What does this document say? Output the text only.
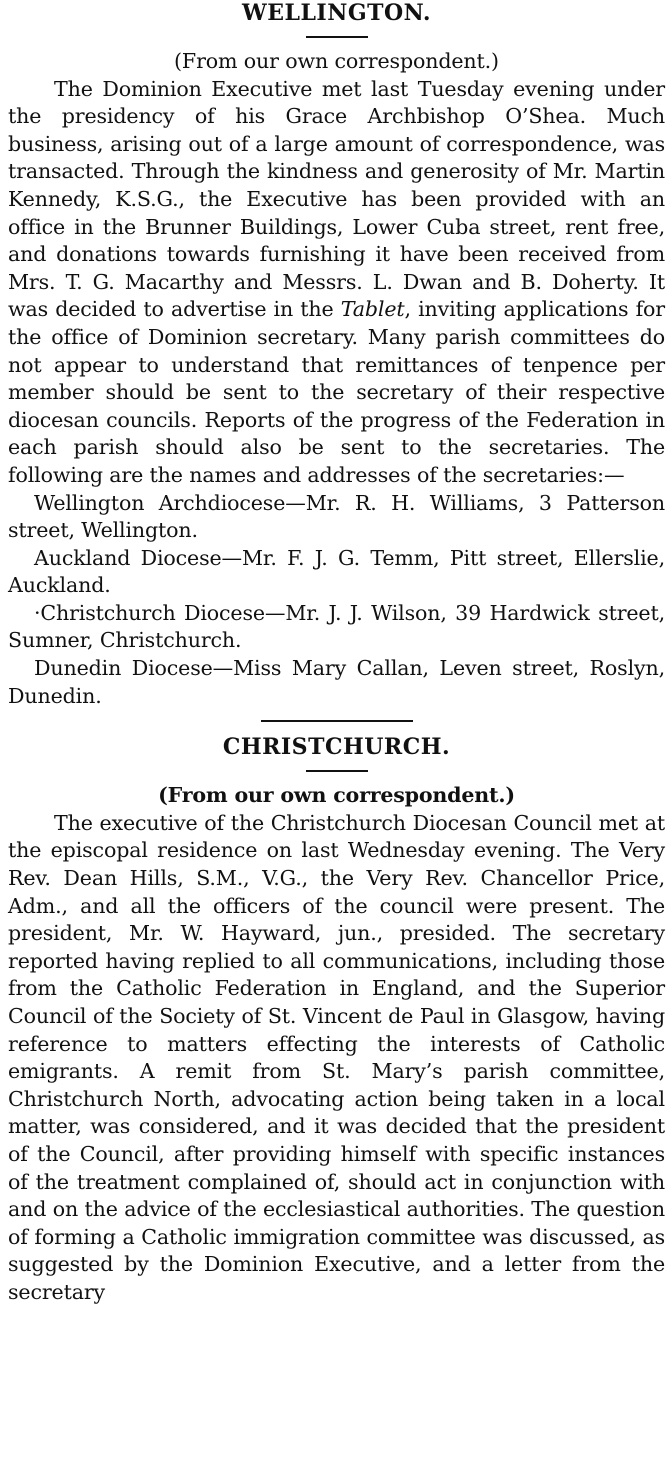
WELLINGTON.

(From our own correspondent.)

The Dominion Executive met last Tuesday evening under the presidency of his Grace Archbishop O’Shea. Much business, arising out of a large amount of correspondence, was transacted. Through the kindness and generosity of Mr. Martin Kennedy, K.S.G., the Executive has been provided with an office in the Brunner Buildings, Lower Cuba street, rent free, and donations towards furnishing it have been received from Mrs. T. G. Macarthy and Messrs. L. Dwan and B. Doherty. It was decided to advertise in the Tablet, inviting applications for the office of Dominion secretary. Many parish committees do not appear to understand that remittances of tenpence per member should be sent to the secretary of their respective diocesan councils. Reports of the progress of the Federation in each parish should also be sent to the secretaries. The following are the names and addresses of the secretaries:—

Wellington Archdiocese—Mr. R. H. Williams, 3 Patterson street, Wellington.

Auckland Diocese—Mr. F. J. G. Temm, Pitt street, Ellerslie, Auckland.

·Christchurch Diocese—Mr. J. J. Wilson, 39 Hardwick street, Sumner, Christchurch.

Dunedin Diocese—Miss Mary Callan, Leven street, Roslyn, Dunedin.

CHRISTCHURCH.

(From our own correspondent.)

The executive of the Christchurch Diocesan Council met at the episcopal residence on last Wednesday evening. The Very Rev. Dean Hills, S.M., V.G., the Very Rev. Chancellor Price, Adm., and all the officers of the council were present. The president, Mr. W. Hayward, jun., presided. The secretary reported having replied to all communications, including those from the Catholic Federation in England, and the Superior Council of the Society of St. Vincent de Paul in Glasgow, having reference to matters effecting the interests of Catholic emigrants. A remit from St. Mary’s parish committee, Christchurch North, advocating action being taken in a local matter, was considered, and it was decided that the president of the Council, after providing himself with specific instances of the treatment complained of, should act in conjunction with and on the advice of the ecclesiastical authorities. The question of forming a Catholic immigration committee was discussed, as suggested by the Dominion Executive, and a letter from the secretary
